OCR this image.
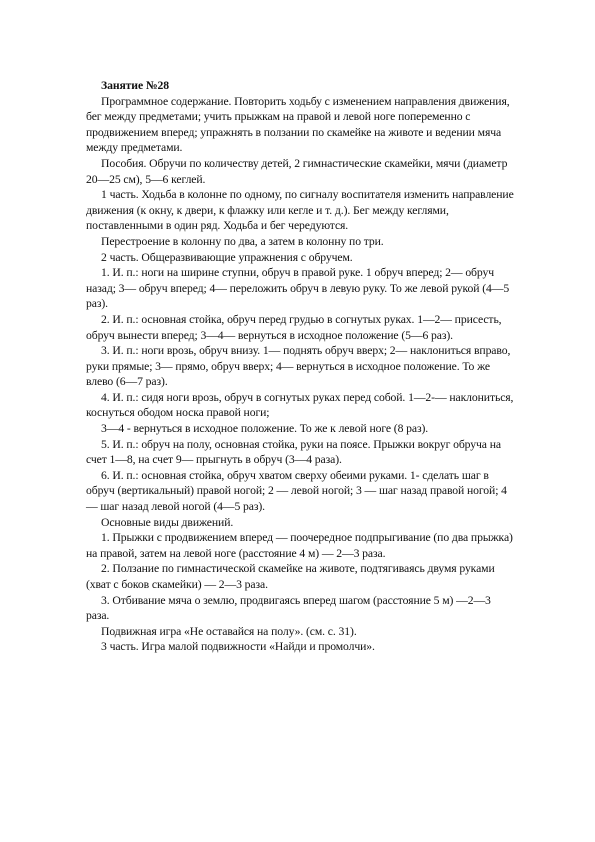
Занятие №28

Программное содержание. Повторить ходьбу с изменением направления движения, бег между предметами; учить прыжкам на правой и левой ноге попеременно с продвижением вперед; упражнять в ползании по скамейке на животе и ведении мяча между предметами.

Пособия. Обручи по количеству детей, 2 гимнастические скамейки, мячи (диаметр 20—25 см), 5—6 кеглей.

1 часть. Ходьба в колонне по одному, по сигналу воспитателя изменить направление движения (к окну, к двери, к флажку или кегле и т. д.). Бег между кеглями, поставленными в один ряд. Ходьба и бег чередуются.

Перестроение в колонну по два, а затем в колонну по три.

2 часть. Общеразвивающие упражнения с обручем.

1. И. п.: ноги на ширине ступни, обруч в правой руке. 1 обруч вперед; 2— обруч назад; 3— обруч вперед; 4— переложить обруч в левую руку. То же левой рукой (4—5 раз).

2. И. п.: основная стойка, обруч перед грудью в согнутых руках. 1—2— присесть, обруч вынести вперед; 3—4— вернуться в исходное положение (5—6 раз).

3. И. п.: ноги врозь, обруч внизу. 1— поднять обруч вверх; 2— наклониться вправо, руки прямые; 3— прямо, обруч вверх; 4— вернуться в исходное положение. То же влево (6—7 раз).

4. И. п.: сидя ноги врозь, обруч в согнутых руках перед собой. 1—2-— наклониться, коснуться ободом носка правой ноги;

3—4 - вернуться в исходное положение. То же к левой ноге (8 раз).

5. И. п.: обруч на полу, основная стойка, руки на поясе. Прыжки вокруг обруча на счет 1—8, на счет 9— прыгнуть в обруч (3—4 раза).

6. И. п.: основная стойка, обруч хватом сверху обеими руками. 1- сделать шаг в обруч (вертикальный) правой ногой; 2 — левой ногой; 3 — шаг назад правой ногой; 4 — шаг назад левой ногой (4—5 раз).

Основные виды движений.

1. Прыжки с продвижением вперед — поочередное подпрыгивание (по два прыжка) на правой, затем на левой ноге (расстояние 4 м) — 2—3 раза.

2. Ползание по гимнастической скамейке на животе, подтягиваясь двумя руками (хват с боков скамейки) — 2—3 раза.

3. Отбивание мяча о землю, продвигаясь вперед шагом (расстояние 5 м) —2—3 раза.

Подвижная игра «Не оставайся на полу». (см. с. 31).

3 часть. Игра малой подвижности «Найди и промолчи».
